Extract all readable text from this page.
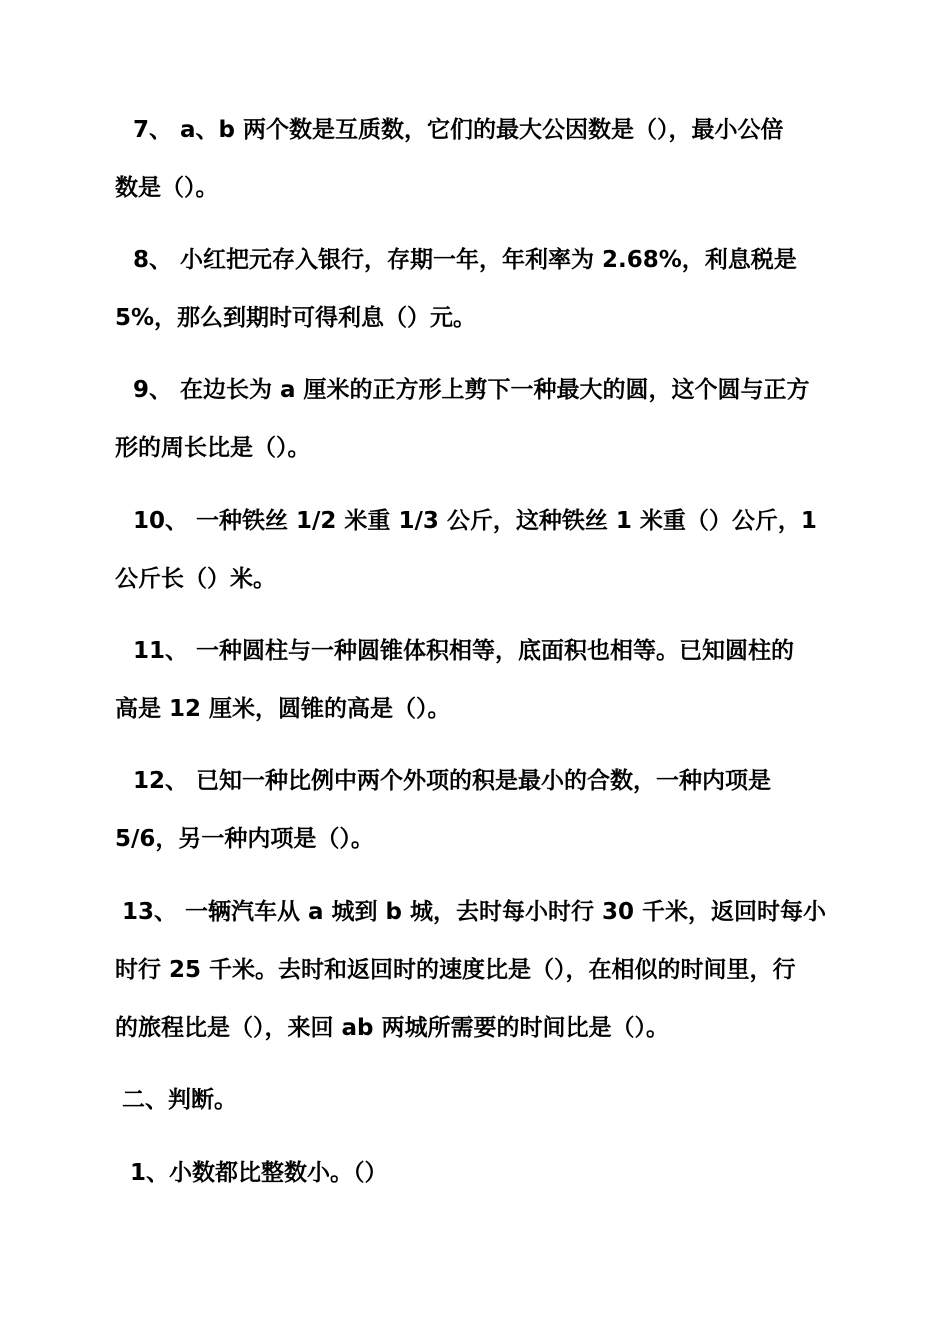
7、 a、b 两个数是互质数，它们的最大公因数是（），最小公倍
数是（）。
8、 小红把元存入银行，存期一年，年利率为 2.68%，利息税是
5%，那么到期时可得利息（）元。
9、 在边长为 a 厘米的正方形上剪下一种最大的圆，这个圆与正方
形的周长比是（）。
10、 一种铁丝 1/2 米重 1/3 公斤，这种铁丝 1 米重（）公斤，1
公斤长（）米。
11、 一种圆柱与一种圆锥体积相等，底面积也相等。已知圆柱的
高是 12 厘米，圆锥的高是（）。
12、 已知一种比例中两个外项的积是最小的合数，一种内项是
5/6，另一种内项是（）。
13、 一辆汽车从 a 城到 b 城，去时每小时行 30 千米，返回时每小
时行 25 千米。去时和返回时的速度比是（），在相似的时间里，行
的旅程比是（），来回 ab 两城所需要的时间比是（）。
二、判断。
1、小数都比整数小。（）
